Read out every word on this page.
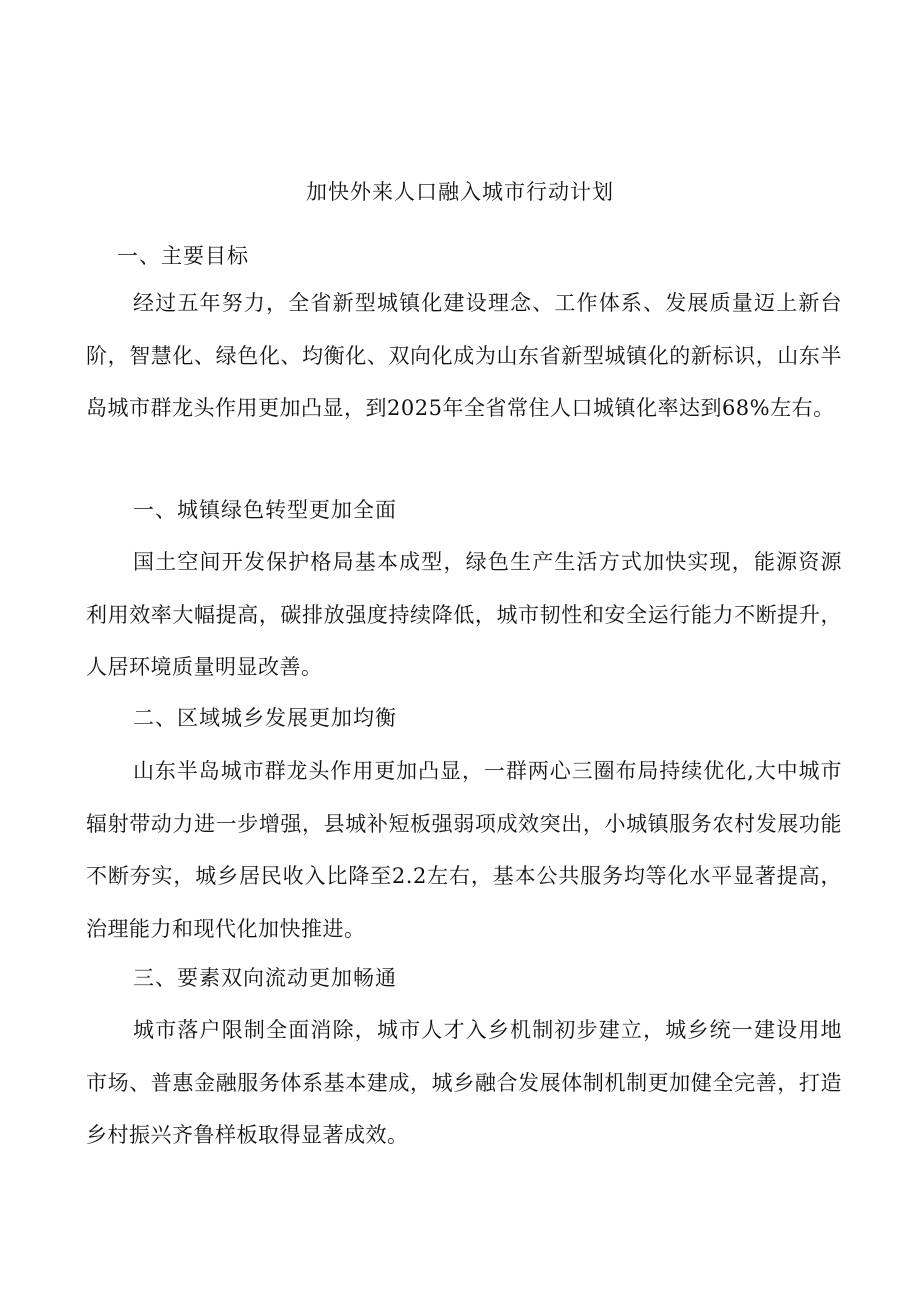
加快外来人口融入城市行动计划
一、主要目标

经过五年努力，全省新型城镇化建设理念、工作体系、发展质量迈上新台阶，智慧化、绿色化、均衡化、双向化成为山东省新型城镇化的新标识，山东半岛城市群龙头作用更加凸显，到2025年全省常住人口城镇化率达到68%左右。

一、城镇绿色转型更加全面

国土空间开发保护格局基本成型，绿色生产生活方式加快实现，能源资源利用效率大幅提高，碳排放强度持续降低，城市韧性和安全运行能力不断提升，人居环境质量明显改善。

二、区域城乡发展更加均衡

山东半岛城市群龙头作用更加凸显，一群两心三圈布局持续优化,大中城市辐射带动力进一步增强，县城补短板强弱项成效突出，小城镇服务农村发展功能不断夯实，城乡居民收入比降至2.2左右，基本公共服务均等化水平显著提高，治理能力和现代化加快推进。

三、要素双向流动更加畅通

城市落户限制全面消除，城市人才入乡机制初步建立，城乡统一建设用地市场、普惠金融服务体系基本建成，城乡融合发展体制机制更加健全完善，打造乡村振兴齐鲁样板取得显著成效。
